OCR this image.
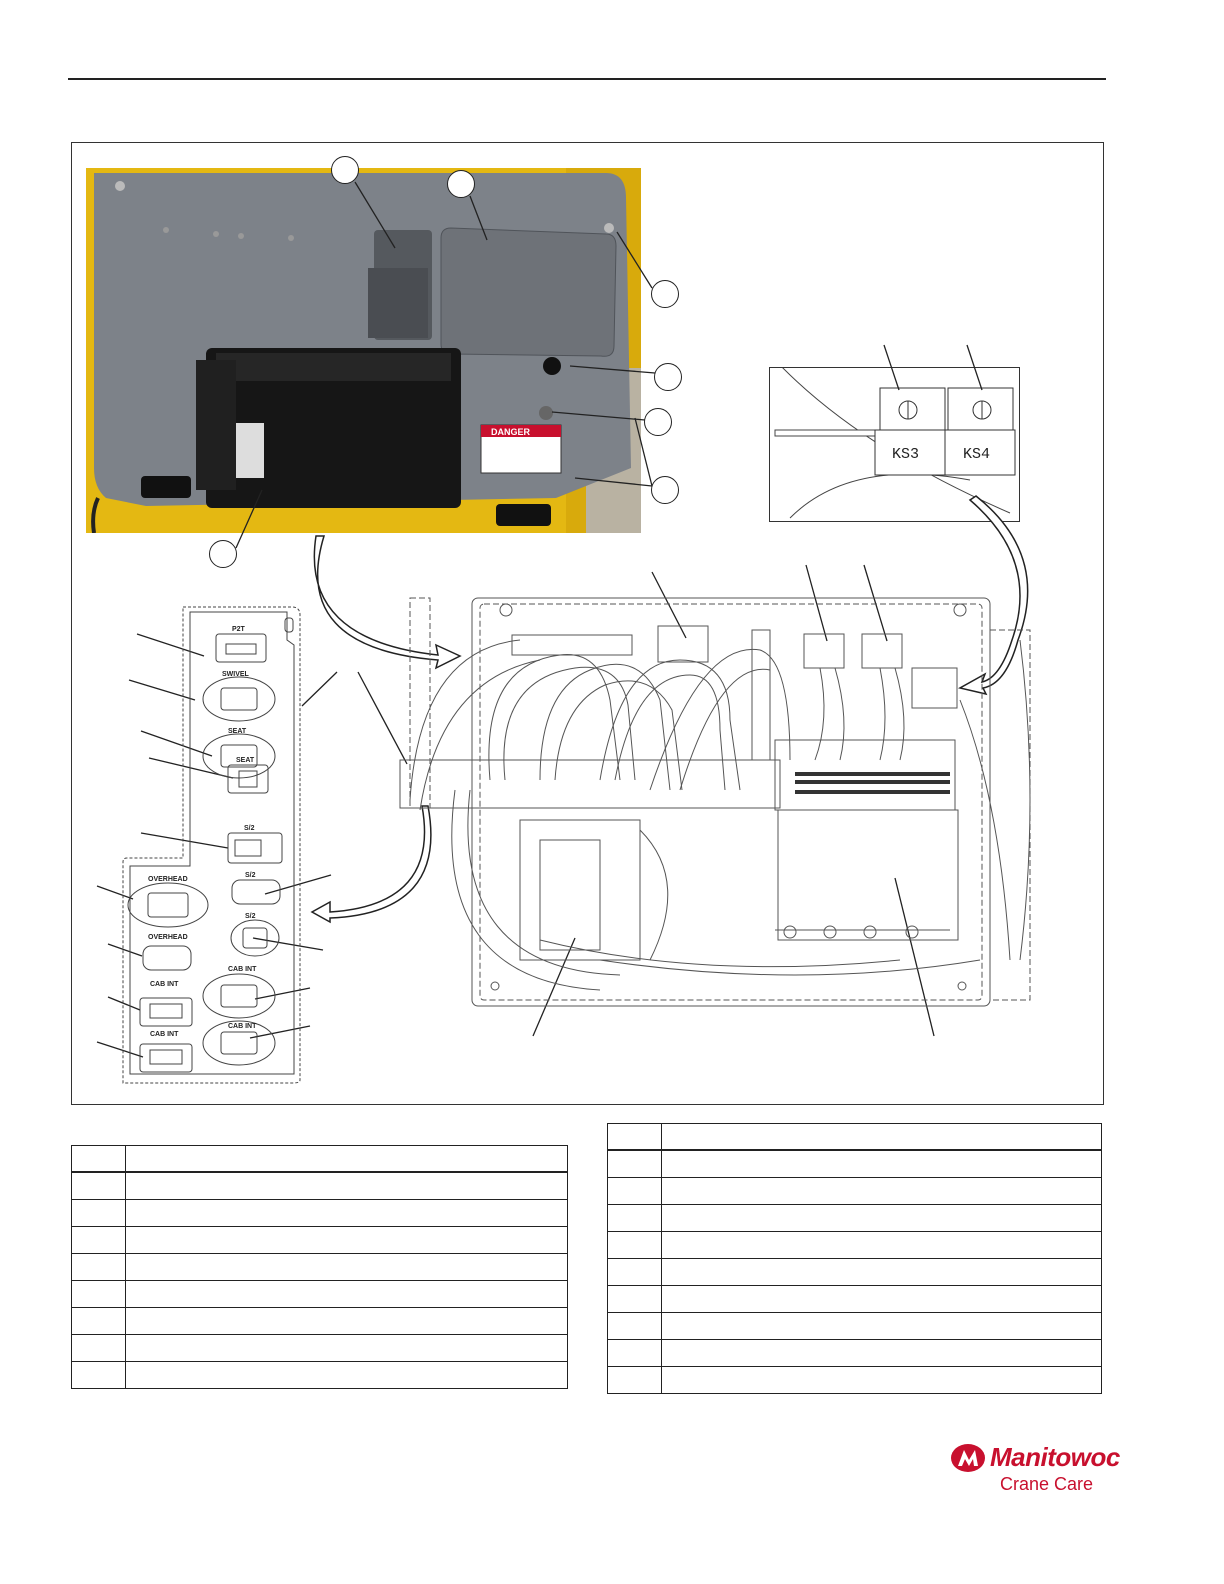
DANGER
KS3	KS4
P2T
SWIVEL
SEAT
SEAT
S/2
S/2
OVERHEAD
S/2
OVERHEAD
CAB INT
CAB INT
CAB INT
CAB INT

Manitowoc
Crane Care
